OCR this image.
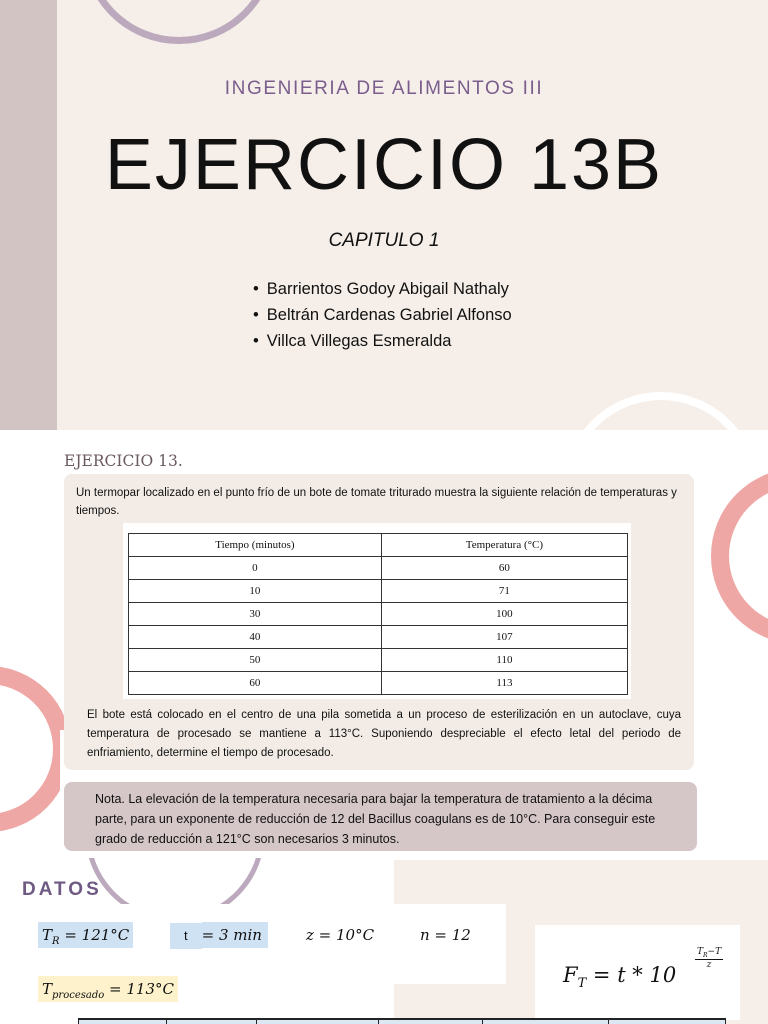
INGENIERIA DE ALIMENTOS III
EJERCICIO 13B
CAPITULO 1
• Barrientos Godoy Abigail Nathaly
• Beltrán Cardenas Gabriel Alfonso
• Villca Villegas Esmeralda
EJERCICIO 13.
Un termopar localizado en el punto frío de un bote de tomate triturado muestra la siguiente relación de temperaturas y tiempos.
Tiempo (minutos)	Temperatura (°C)
0	60
10	71
30	100
40	107
50	110
60	113
El bote está colocado en el centro de una pila sometida a un proceso de esterilización en un autoclave, cuya temperatura de procesado se mantiene a 113°C. Suponiendo despreciable el efecto letal del periodo de enfriamiento, determine el tiempo de procesado.
Nota. La elevación de la temperatura necesaria para bajar la temperatura de tratamiento a la décima parte, para un exponente de reducción de 12 del Bacillus coagulans es de 10°C. Para conseguir este grado de reducción a 121°C son necesarios 3 minutos.
DATOS
$T_R = 121^\circ C$	t= 3 min	z = 10°C	n = 12
$T_{procesado} = 113^\circ C$
$F_T = t * 10$
$\frac{T_R-T}{z}$
